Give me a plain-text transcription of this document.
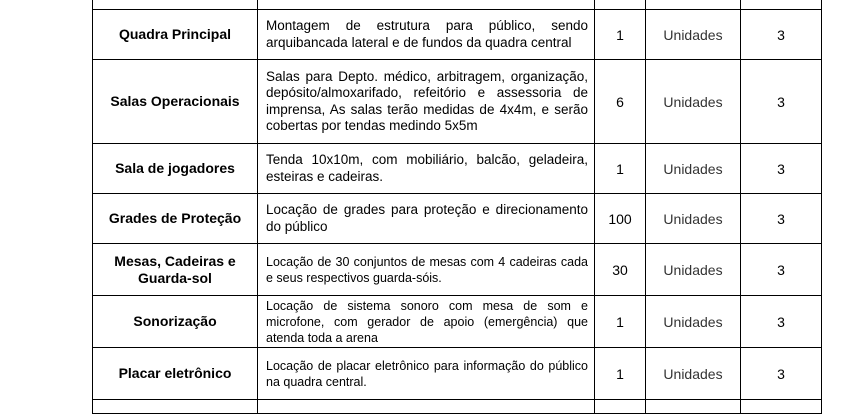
Quadra Principal	Montagem de estrutura para público, sendo arquibancada lateral e de fundos da quadra central	1	Unidades	3
Salas Operacionais	Salas para Depto. médico, arbitragem, organização, depósito/almoxarifado, refeitório e assessoria de imprensa, As salas terão medidas de 4x4m, e serão cobertas por tendas medindo 5x5m	6	Unidades	3
Sala de jogadores	Tenda 10x10m, com mobiliário, balcão, geladeira, esteiras e cadeiras.	1	Unidades	3
Grades de Proteção	Locação de grades para proteção e direcionamento do público	100	Unidades	3
Mesas, Cadeiras e Guarda-sol	Locação de 30 conjuntos de mesas com 4 cadeiras cada e seus respectivos guarda-sóis.	30	Unidades	3
Sonorização	Locação de sistema sonoro com mesa de som e microfone, com gerador de apoio (emergência) que atenda toda a arena	1	Unidades	3
Placar eletrônico	Locação de placar eletrônico para informação do público na quadra central.	1	Unidades	3
